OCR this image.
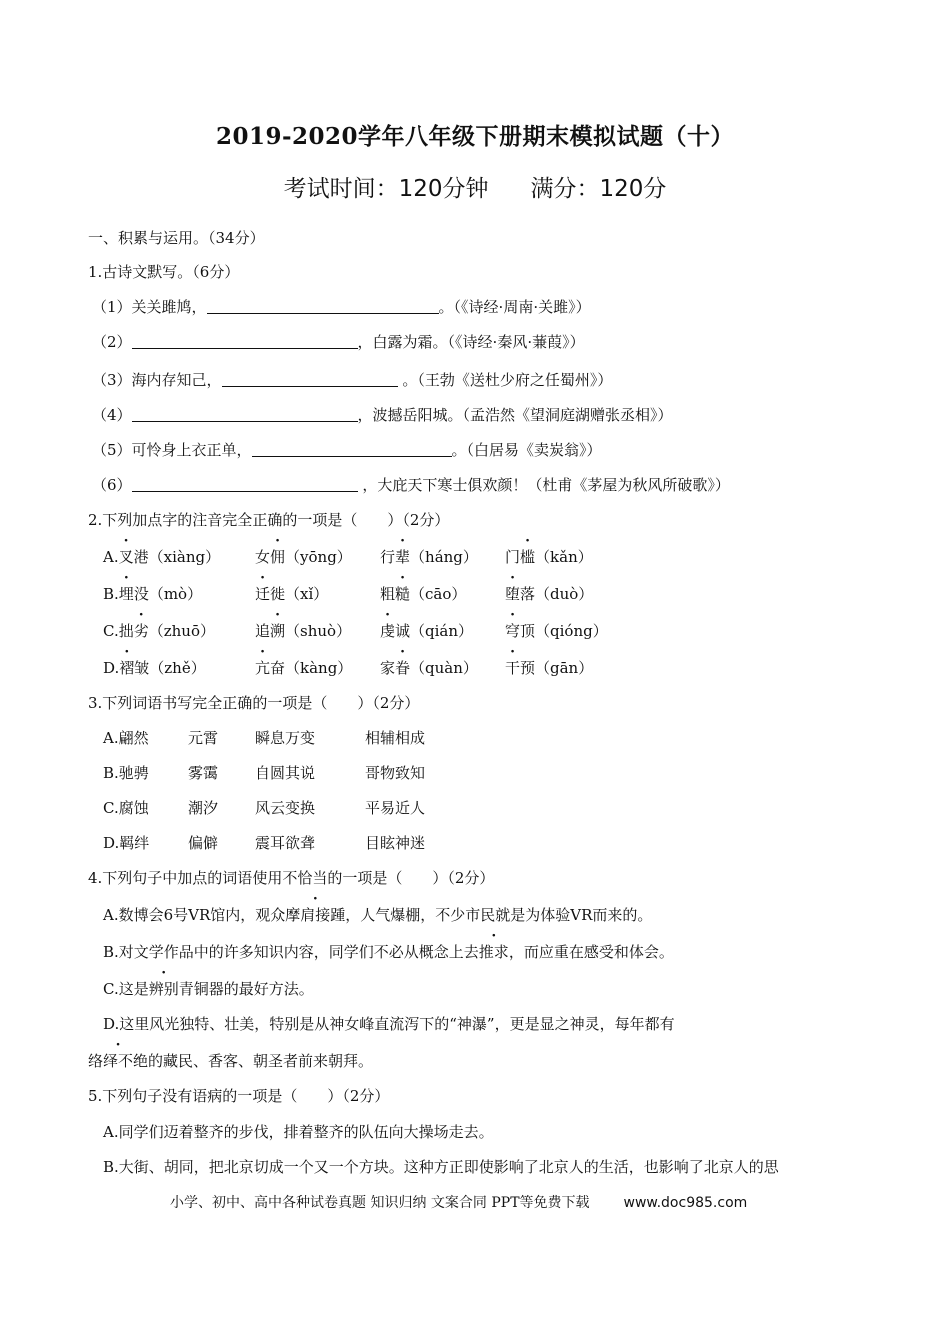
2019-2020学年八年级下册期末模拟试题（十）
考试时间：120分钟 满分：120分
一、积累与运用。（34分）
1.古诗文默写。（6分）
（1）关关雎鸠，	。（《诗经·周南·关雎》）
（2）	，白露为霜。（《诗经·秦风·蒹葭》）
（3）海内存知己，	。（王勃《送杜少府之任蜀州》）
（4）	，波撼岳阳城。（孟浩然《望洞庭湖赠张丞相》）
（5）可怜身上衣正单，	。（白居易《卖炭翁》）
（6）	，大庇天下寒士俱欢颜！（杜甫《茅屋为秋风所破歌》）
2.下列加点字的注音完全正确的一项是（　　）（2分）
A.叉港（xiàng） 女佣（yōng） 行辈（háng） 门槛（kǎn）
B.埋没（mò）	迁徙（xǐ）	粗糙（cāo）	堕落（duò）
C.拙劣（zhuō）	追溯（shuò） 虔诚（qián） 穹顶（qióng）
D.褶皱（zhě）	亢奋（kàng） 家眷（quàn） 干预（gān）
3.下列词语书写完全正确的一项是（　　）（2分）
A.翩然	元霄 瞬息万变	相辅相成
B.驰骋	雾霭 自圆其说	哥物致知
C.腐蚀	潮汐 风云变换	平易近人
D.羁绊	偏僻 震耳欲聋	目眩神迷
4.下列句子中加点的词语使用不恰当的一项是（　　）（2分）
A.数博会6号VR馆内，观众摩肩接踵，人气爆棚，不少市民就是为体验VR而来的。
B.对文学作品中的许多知识内容，同学们不必从概念上去推求，而应重在感受和体会。
C.这是辨别青铜器的最好方法。
D.这里风光独特、壮美，特别是从神女峰直流泻下的“神瀑”，更是显之神灵，每年都有
络绎不绝的藏民、香客、朝圣者前来朝拜。
5.下列句子没有语病的一项是（　　）（2分）
A.同学们迈着整齐的步伐，排着整齐的队伍向大操场走去。
B.大街、胡同，把北京切成一个又一个方块。这种方正即使影响了北京人的生活，也影响了北京人的思
小学、初中、高中各种试卷真题 知识归纳 文案合同 PPT等免费下载 www.doc985.com
